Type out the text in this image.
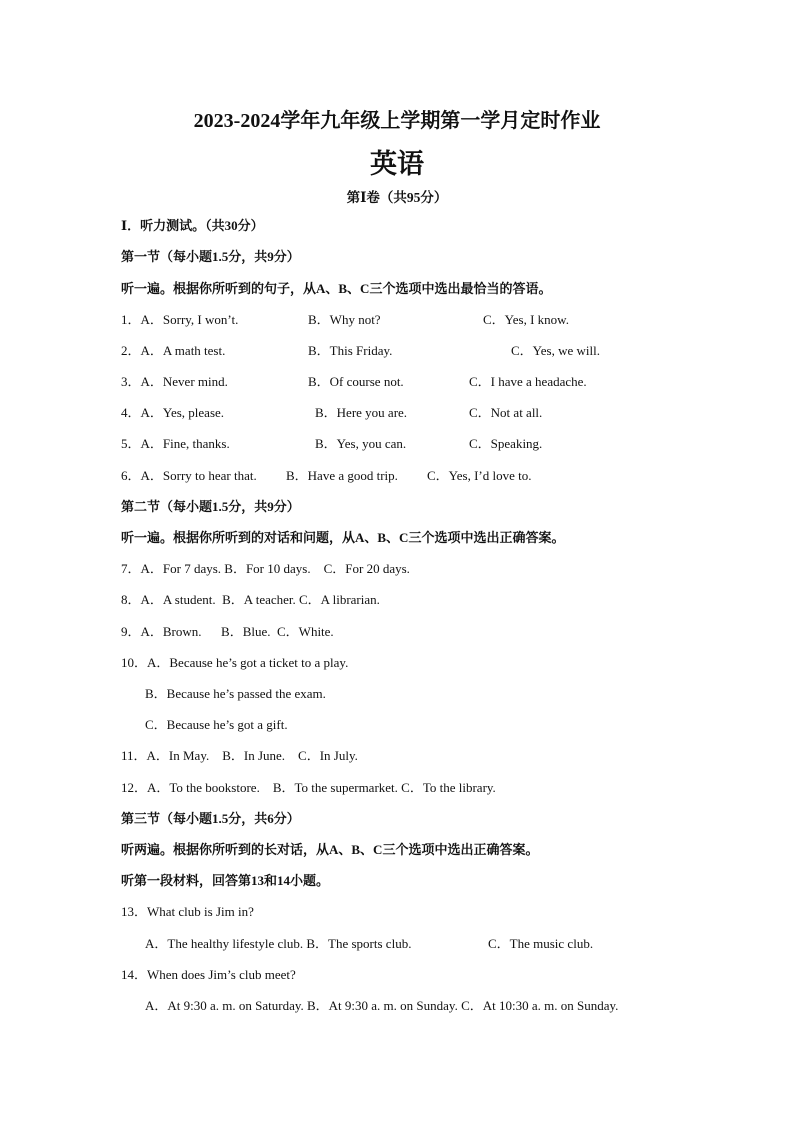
2023-2024学年九年级上学期第一学月定时作业
英语
第Ⅰ卷（共95分）
Ⅰ．听力测试。（共30分）
第一节（每小题1.5分，共9分）
听一遍。根据你所听到的句子，从A、B、C三个选项中选出最恰当的答语。
1．A．Sorry, I won’t.	B．Why not?	C．Yes, I know.
2．A．A math test.	B．This Friday.	C．Yes, we will.
3．A．Never mind.	B．Of course not.	C．I have a headache.
4．A．Yes, please.	B．Here you are.	C．Not at all.
5．A．Fine, thanks.	B．Yes, you can.	C．Speaking.
6．A．Sorry to hear that. B．Have a good trip. C．Yes, I’d love to.
第二节（每小题1.5分，共9分）
听一遍。根据你所听到的对话和问题，从A、B、C三个选项中选出正确答案。
7．A．For 7 days. B．For 10 days.    C．For 20 days.
8．A．A student.  B．A teacher. C．A librarian.
9．A．Brown.      B．Blue.  C．White.
10．A．Because he’s got a ticket to a play.
B．Because he’s passed the exam.
C．Because he’s got a gift.
11．A．In May.    B．In June.    C．In July.
12．A．To the bookstore.    B．To the supermarket. C．To the library.
第三节（每小题1.5分，共6分）
听两遍。根据你所听到的长对话，从A、B、C三个选项中选出正确答案。
听第一段材料，回答第13和14小题。
13．What club is Jim in?
A．The healthy lifestyle club. B．The sports club.	C．The music club.
14．When does Jim’s club meet?
A．At 9:30 a. m. on Saturday. B．At 9:30 a. m. on Sunday. C．At 10:30 a. m. on Sunday.
